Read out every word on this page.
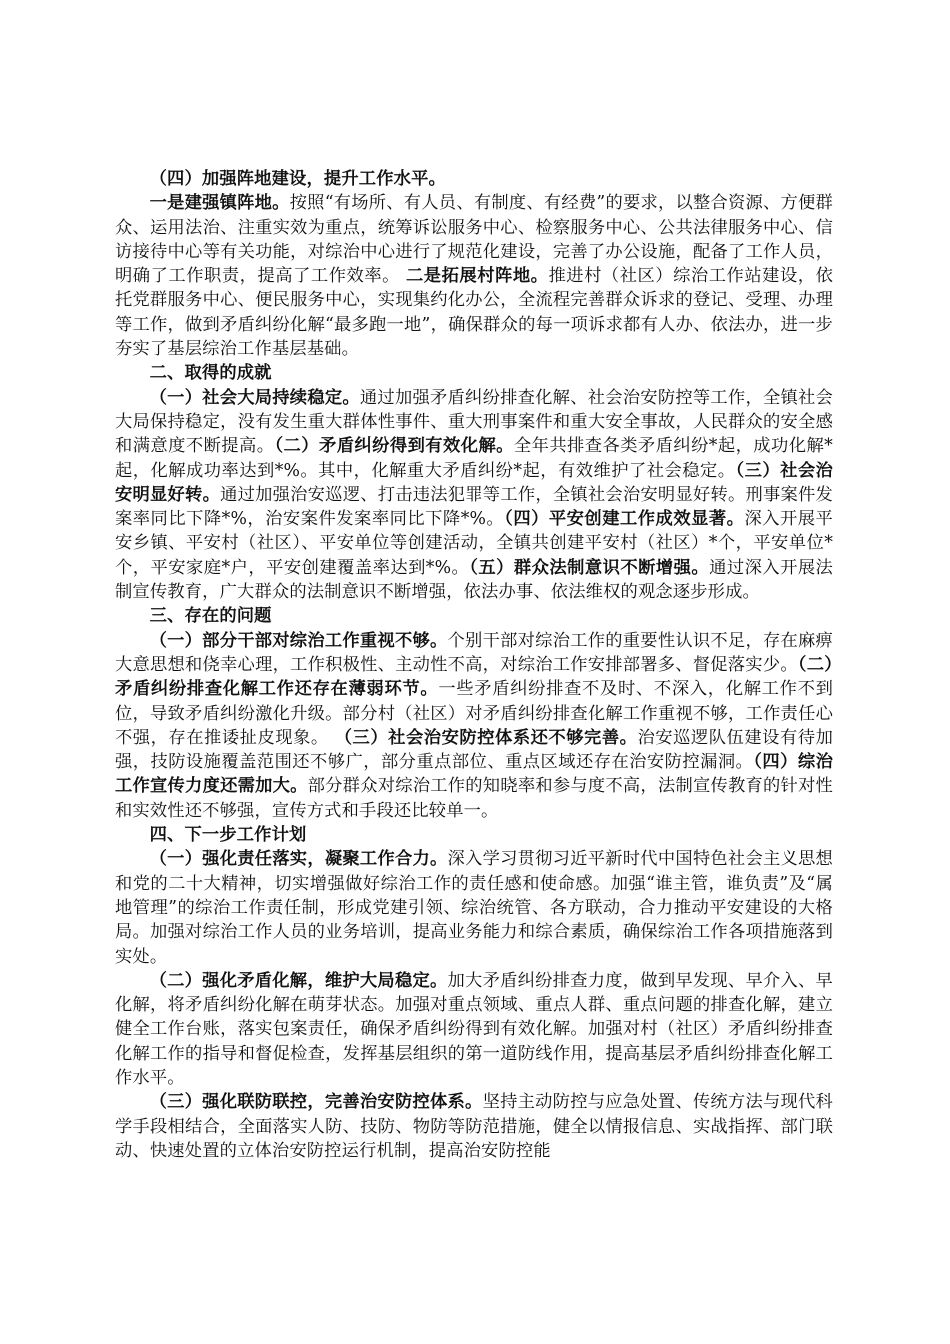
（四）加强阵地建设，提升工作水平。

一是建强镇阵地。按照“有场所、有人员、有制度、有经费”的要求，以整合资源、方便群众、运用法治、注重实效为重点，统筹诉讼服务中心、检察服务中心、公共法律服务中心、信访接待中心等有关功能，对综治中心进行了规范化建设，完善了办公设施，配备了工作人员，明确了工作职责，提高了工作效率。 二是拓展村阵地。推进村（社区）综治工作站建设，依托党群服务中心、便民服务中心，实现集约化办公，全流程完善群众诉求的登记、受理、办理等工作，做到矛盾纠纷化解“最多跑一地”，确保群众的每一项诉求都有人办、依法办，进一步夯实了基层综治工作基层基础。

二、取得的成就

（一）社会大局持续稳定。通过加强矛盾纠纷排查化解、社会治安防控等工作，全镇社会大局保持稳定，没有发生重大群体性事件、重大刑事案件和重大安全事故，人民群众的安全感和满意度不断提高。（二）矛盾纠纷得到有效化解。全年共排查各类矛盾纠纷*起，成功化解*起，化解成功率达到*%。其中，化解重大矛盾纠纷*起，有效维护了社会稳定。（三）社会治安明显好转。通过加强治安巡逻、打击违法犯罪等工作，全镇社会治安明显好转。刑事案件发案率同比下降*%，治安案件发案率同比下降*%。（四）平安创建工作成效显著。深入开展平安乡镇、平安村（社区）、平安单位等创建活动，全镇共创建平安村（社区）*个，平安单位*个，平安家庭*户，平安创建覆盖率达到*%。（五）群众法制意识不断增强。通过深入开展法制宣传教育，广大群众的法制意识不断增强，依法办事、依法维权的观念逐步形成。

三、存在的问题

（一）部分干部对综治工作重视不够。个别干部对综治工作的重要性认识不足，存在麻痹大意思想和侥幸心理，工作积极性、主动性不高，对综治工作安排部署多、督促落实少。（二）矛盾纠纷排查化解工作还存在薄弱环节。一些矛盾纠纷排查不及时、不深入，化解工作不到位，导致矛盾纠纷激化升级。部分村（社区）对矛盾纠纷排查化解工作重视不够，工作责任心不强，存在推诿扯皮现象。 （三）社会治安防控体系还不够完善。治安巡逻队伍建设有待加强，技防设施覆盖范围还不够广，部分重点部位、重点区域还存在治安防控漏洞。（四）综治工作宣传力度还需加大。部分群众对综治工作的知晓率和参与度不高，法制宣传教育的针对性和实效性还不够强，宣传方式和手段还比较单一。

四、下一步工作计划

（一）强化责任落实，凝聚工作合力。深入学习贯彻习近平新时代中国特色社会主义思想和党的二十大精神，切实增强做好综治工作的责任感和使命感。加强“谁主管，谁负责”及“属地管理”的综治工作责任制，形成党建引领、综治统管、各方联动，合力推动平安建设的大格局。加强对综治工作人员的业务培训，提高业务能力和综合素质，确保综治工作各项措施落到实处。

（二）强化矛盾化解，维护大局稳定。加大矛盾纠纷排查力度，做到早发现、早介入、早化解，将矛盾纠纷化解在萌芽状态。加强对重点领域、重点人群、重点问题的排查化解，建立健全工作台账，落实包案责任，确保矛盾纠纷得到有效化解。加强对村（社区）矛盾纠纷排查化解工作的指导和督促检查，发挥基层组织的第一道防线作用，提高基层矛盾纠纷排查化解工作水平。

（三）强化联防联控，完善治安防控体系。坚持主动防控与应急处置、传统方法与现代科学手段相结合，全面落实人防、技防、物防等防范措施，健全以情报信息、实战指挥、部门联动、快速处置的立体治安防控运行机制，提高治安防控能
